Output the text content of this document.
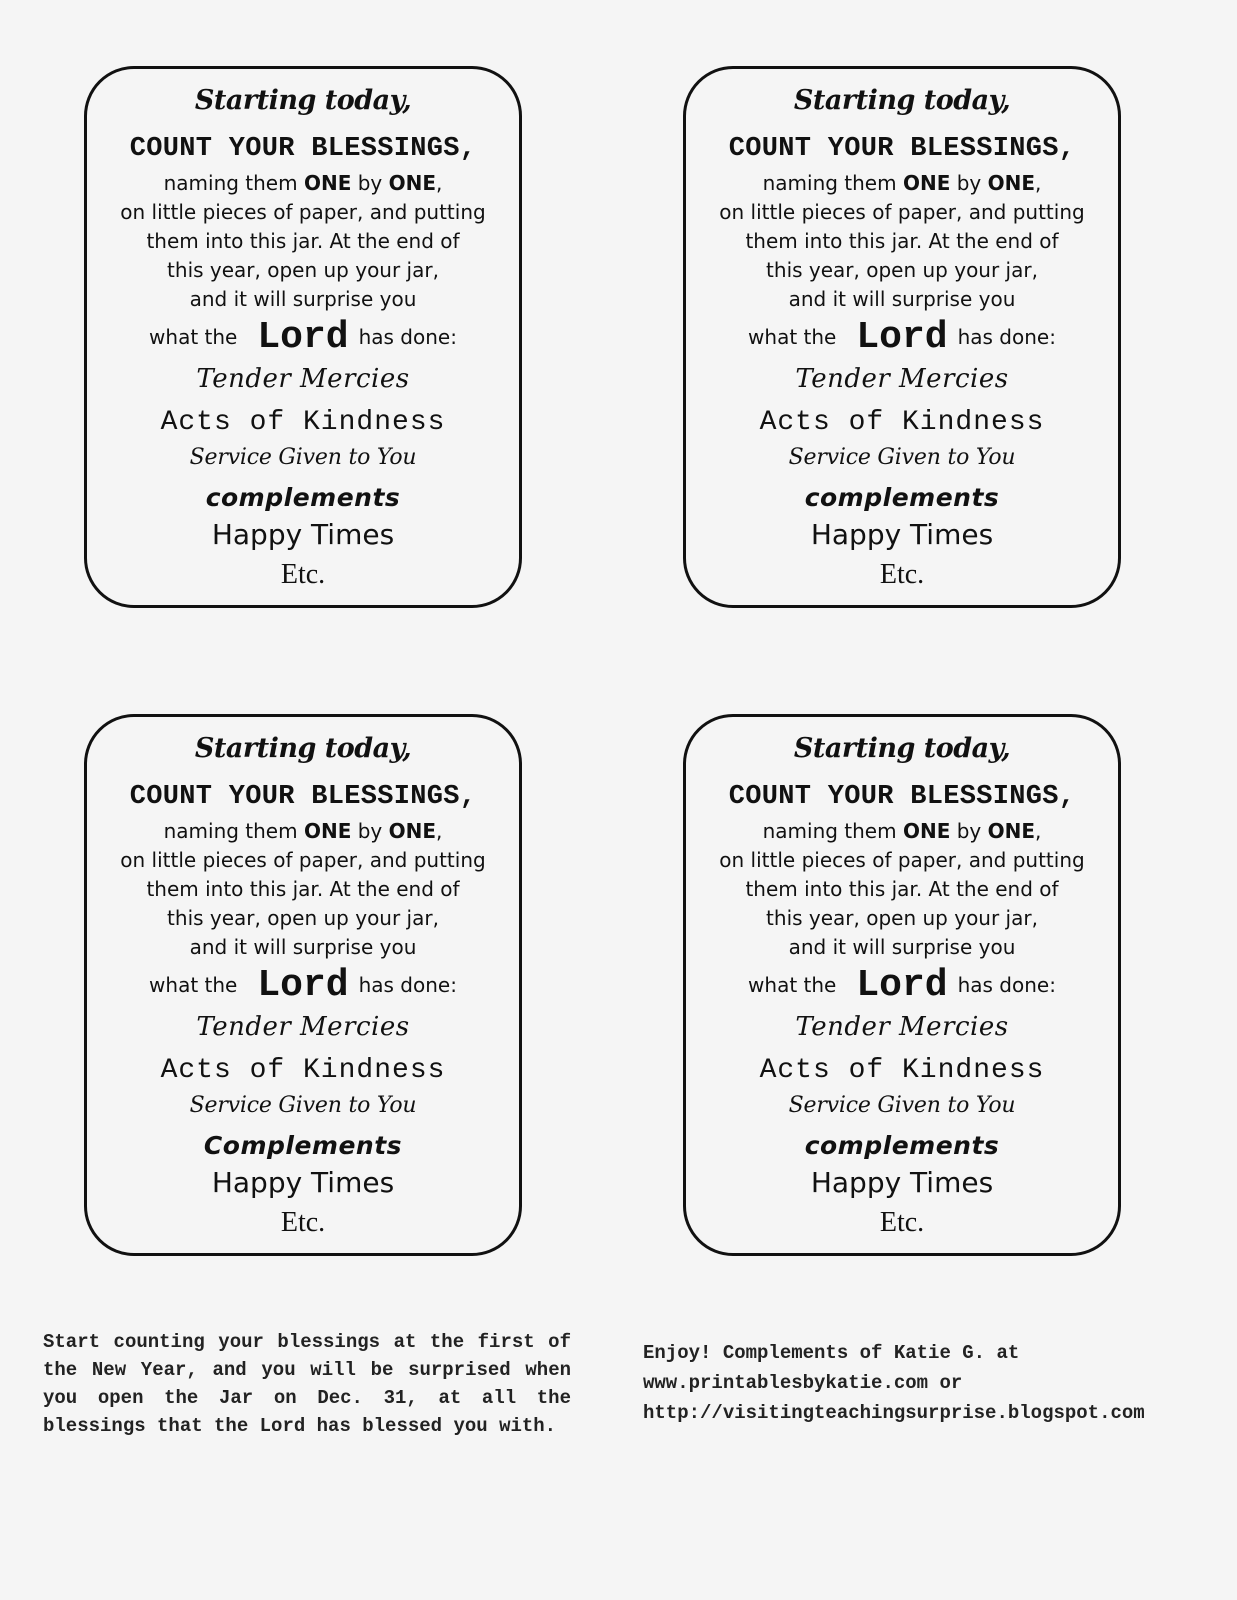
Starting today,
COUNT YOUR BLESSINGS,
naming them ONE by ONE,
on little pieces of paper, and putting
them into this jar. At the end of
this year, open up your jar,
and it will surprise you
what the Lord has done:
Tender Mercies
Acts of Kindness
Service Given to You
complements
Happy Times
Etc.
Starting today,
COUNT YOUR BLESSINGS,
naming them ONE by ONE,
on little pieces of paper, and putting
them into this jar. At the end of
this year, open up your jar,
and it will surprise you
what the Lord has done:
Tender Mercies
Acts of Kindness
Service Given to You
complements
Happy Times
Etc.
Starting today,
COUNT YOUR BLESSINGS,
naming them ONE by ONE,
on little pieces of paper, and putting
them into this jar. At the end of
this year, open up your jar,
and it will surprise you
what the Lord has done:
Tender Mercies
Acts of Kindness
Service Given to You
Complements
Happy Times
Etc.
Starting today,
COUNT YOUR BLESSINGS,
naming them ONE by ONE,
on little pieces of paper, and putting
them into this jar. At the end of
this year, open up your jar,
and it will surprise you
what the Lord has done:
Tender Mercies
Acts of Kindness
Service Given to You
complements
Happy Times
Etc.
Start counting your blessings at the first of the New Year, and you will be surprised when you open the Jar on Dec. 31, at all the blessings that the Lord has blessed you with.
Enjoy! Complements of Katie G. at
www.printablesbykatie.com or
http://visitingteachingsurprise.blogspot.com
